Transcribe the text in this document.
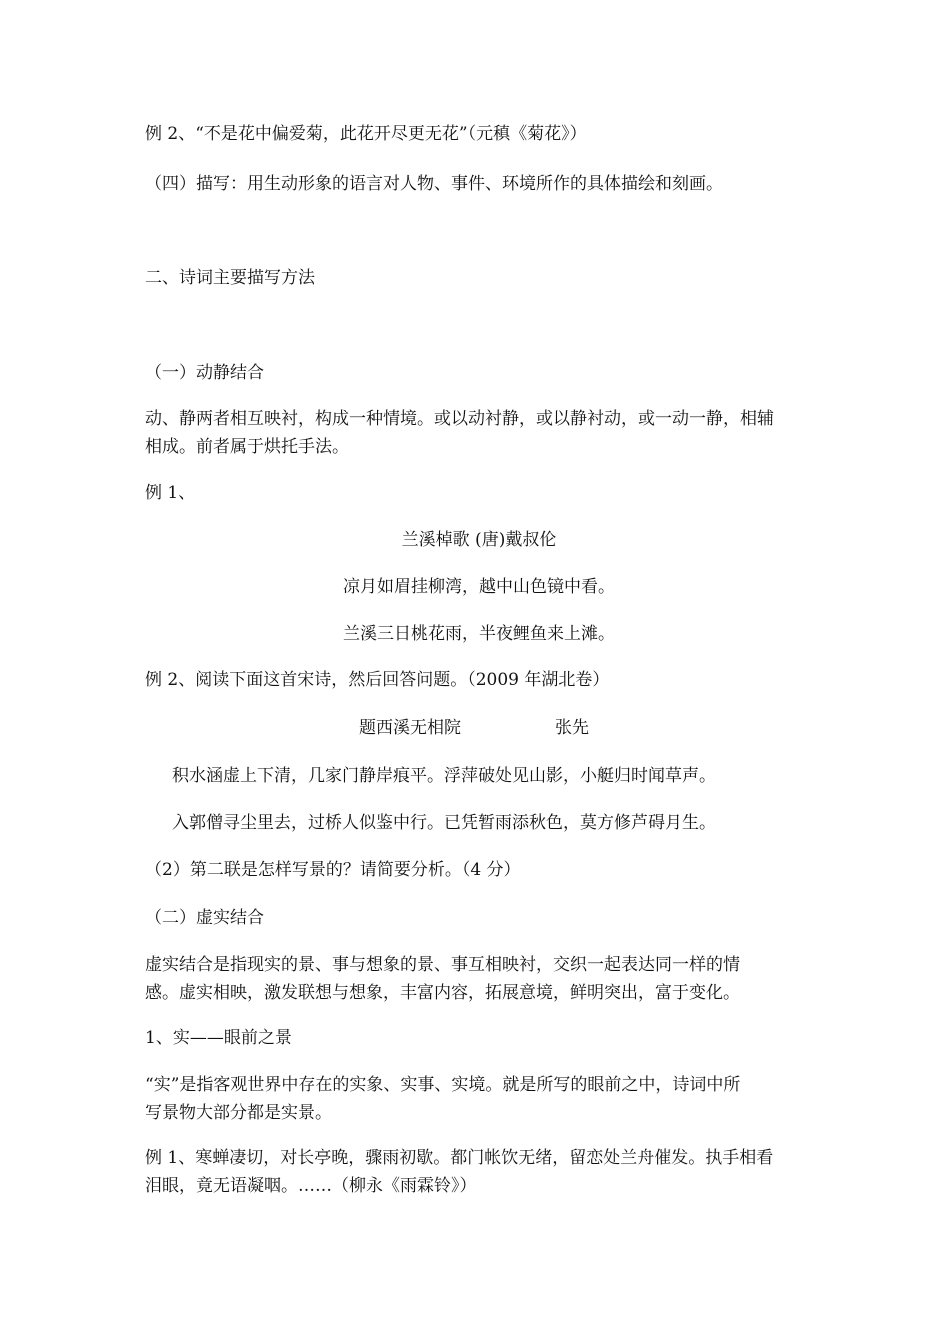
例 2、“不是花中偏爱菊，此花开尽更无花”（元稹《菊花》）
（四）描写：用生动形象的语言对人物、事件、环境所作的具体描绘和刻画。
二、诗词主要描写方法
（一）动静结合
动、静两者相互映衬，构成一种情境。或以动衬静，或以静衬动，或一动一静，相辅
相成。前者属于烘托手法。
例 1、
兰溪棹歌 (唐)戴叔伦
凉月如眉挂柳湾，越中山色镜中看。
兰溪三日桃花雨，半夜鲤鱼来上滩。
例 2、阅读下面这首宋诗，然后回答问题。（2009 年湖北卷）
题西溪无相院	张先
积水涵虚上下清，几家门静岸痕平。浮萍破处见山影，小艇归时闻草声。
入郭僧寻尘里去，过桥人似鉴中行。已凭暂雨添秋色，莫方修芦碍月生。
（2）第二联是怎样写景的？请简要分析。（4 分）
（二）虚实结合
虚实结合是指现实的景、事与想象的景、事互相映衬，交织一起表达同一样的情
感。虚实相映，激发联想与想象，丰富内容，拓展意境，鲜明突出，富于变化。
1、实——眼前之景
“实”是指客观世界中存在的实象、实事、实境。就是所写的眼前之中，诗词中所
写景物大部分都是实景。
例 1、寒蝉凄切，对长亭晚，骤雨初歇。都门帐饮无绪，留恋处兰舟催发。执手相看
泪眼，竟无语凝咽。……（柳永《雨霖铃》）
